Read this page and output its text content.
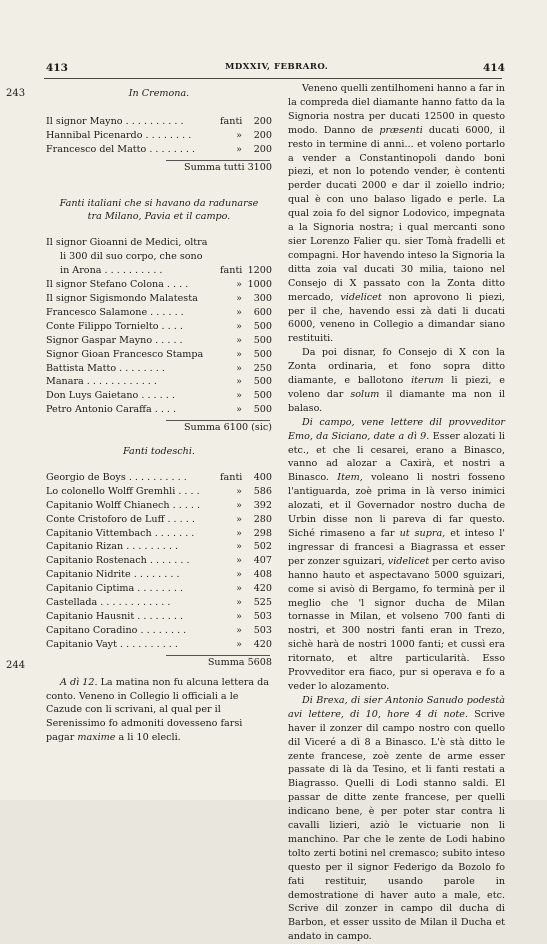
413	MDXXIV, FEBRARO.	414
243
244

In Cremona.

Il signor Mayno . . . . . . . . . .	fanti	200
Hannibal Picenardo . . . . . . . .	»	200
Francesco del Matto . . . . . . . .	»	200
Summa tutti 3100

Fanti italiani che si havano da radunarse

tra Milano, Pavia et il campo.

Il signor Gioanni de Medici, oltra
li 300 dil suo corpo, che sono
in Arona . . . . . . . . . .	fanti 1200
Il signor Stefano Colona . . . .	» 1000
Il signor Sigismondo Malatesta	»	300
Francesco Salamone . . . . . .	»	600
Conte Filippo Tornielto . . . .	»	500
Signor Gaspar Mayno . . . . .	»	500
Signor Gioan Francesco Stampa	»	500
Battista Matto . . . . . . . .	»	250
Manara . . . . . . . . . . . .	»	500
Don Luys Gaietano . . . . . .	»	500
Petro Antonio Caraffa . . . .	»	500
Summa 6100 (sic)

Fanti todeschi.

Georgio de Boys . . . . . . . . . .	fanti	400
Lo colonello Wolff Gremhli . . . .	»	586
Capitanio Wolff Chianech . . . . .	»	392
Conte Cristoforo de Luff . . . . .	»	280
Capitanio Vittembach . . . . . . .	»	298
Capitanio Rizan . . . . . . . . .	»	502
Capitanio Rostenach . . . . . . .	»	407
Capitanio Nidrite . . . . . . . .	»	408
Capitanio Ciptima . . . . . . . .	»	420
Castellada . . . . . . . . . . . .	»	525
Capitanio Hausnit . . . . . . . .	»	503
Capitano Coradino . . . . . . . .	»	503
Capitanio Vayt . . . . . . . . . .	»	420
Summa 5608

A dì 12. La matina non fu alcuna lettera da conto. Veneno in Collegio li officiali a le Cazude con li scrivani, al qual per il Serenissimo fo admoniti dovesseno farsi pagar maxime a li 10 elecli.

Veneno quelli zentilhomeni hanno a far in la compreda diel diamante hanno fatto da la Signoria nostra per ducati 12500 in questo modo. Danno de præsenti ducati 6000, il resto in termine di anni... et voleno portarlo a vender a Constantinopoli dando boni piezi, et non lo potendo vender, è contenti perder ducati 2000 e dar il zoiello indrio; qual è con uno balaso ligado e perle. La qual zoia fo del signor Lodovico, impegnata a la Signoria nostra; i qual mercanti sono sier Lorenzo Falier qu. sier Tomà fradelli et compagni. Hor havendo inteso la Signoria la ditta zoia val ducati 30 milia, taiono nel Consejo di X passato con la Zonta ditto mercado, videlicet non aprovono li piezi, per il che, havendo essi zà dati li ducati 6000, veneno in Collegio a dimandar siano restituiti.

Da poi disnar, fo Consejo di X con la Zonta ordinaria, et fono sopra ditto diamante, e ballotono iterum li piezi, e voleno dar solum il diamante ma non il balaso.

Di campo, vene lettere dil provveditor Emo, da Siciano, date a dì 9. Esser alozati li etc., et che li cesarei, erano a Binasco, vanno ad alozar a Caxirà, et nostri a Binasco. Item, voleano li nostri fosseno l'antiguarda, zoè prima in là verso inimici alozati, et il Governador nostro ducha de Urbin disse non li pareva di far questo. Siché rimaseno a far ut supra, et inteso l' ingressar di francesi a Biagrassa et esser per zonzer sguizari, videlicet per certo aviso hanno hauto et aspectavano 5000 sguizari, come si avisò di Bergamo, fo terminà per il meglio che 'l signor ducha de Milan tornasse in Milan, et volseno 700 fanti di nostri, et 300 nostri fanti eran in Trezo, sichè harà de nostri 1000 fanti; et cussì era ritornato, et altre particularità. Esso Provveditor era fiaco, pur si operava e fo a veder lo alozamento.

Di Brexa, di sier Antonio Sanudo podestà avi lettere, di 10, hore 4 di note. Scrive haver il zonzer dil campo nostro con quello dil Viceré a dì 8 a Binasco. L'è stà ditto le zente francese, zoè zente de arme esser passate di là da Tesino, et li fanti restati a Biagrasso. Quelli di Lodi stanno saldi. El passar de ditte zente francese, per quelli indicano bene, è per poter star contra li cavalli lizieri, aziò le victuarie non li manchino. Par che le zente de Lodi habino tolto zerti botini nel cremasco; subito inteso questo per il signor Federigo da Bozolo fo fati restituir, usando parole in demostratione di haver auto a male, etc. Scrive dil zonzer in campo dil ducha di Barbon, et esser ussito de Milan il Ducha et andato in campo.
